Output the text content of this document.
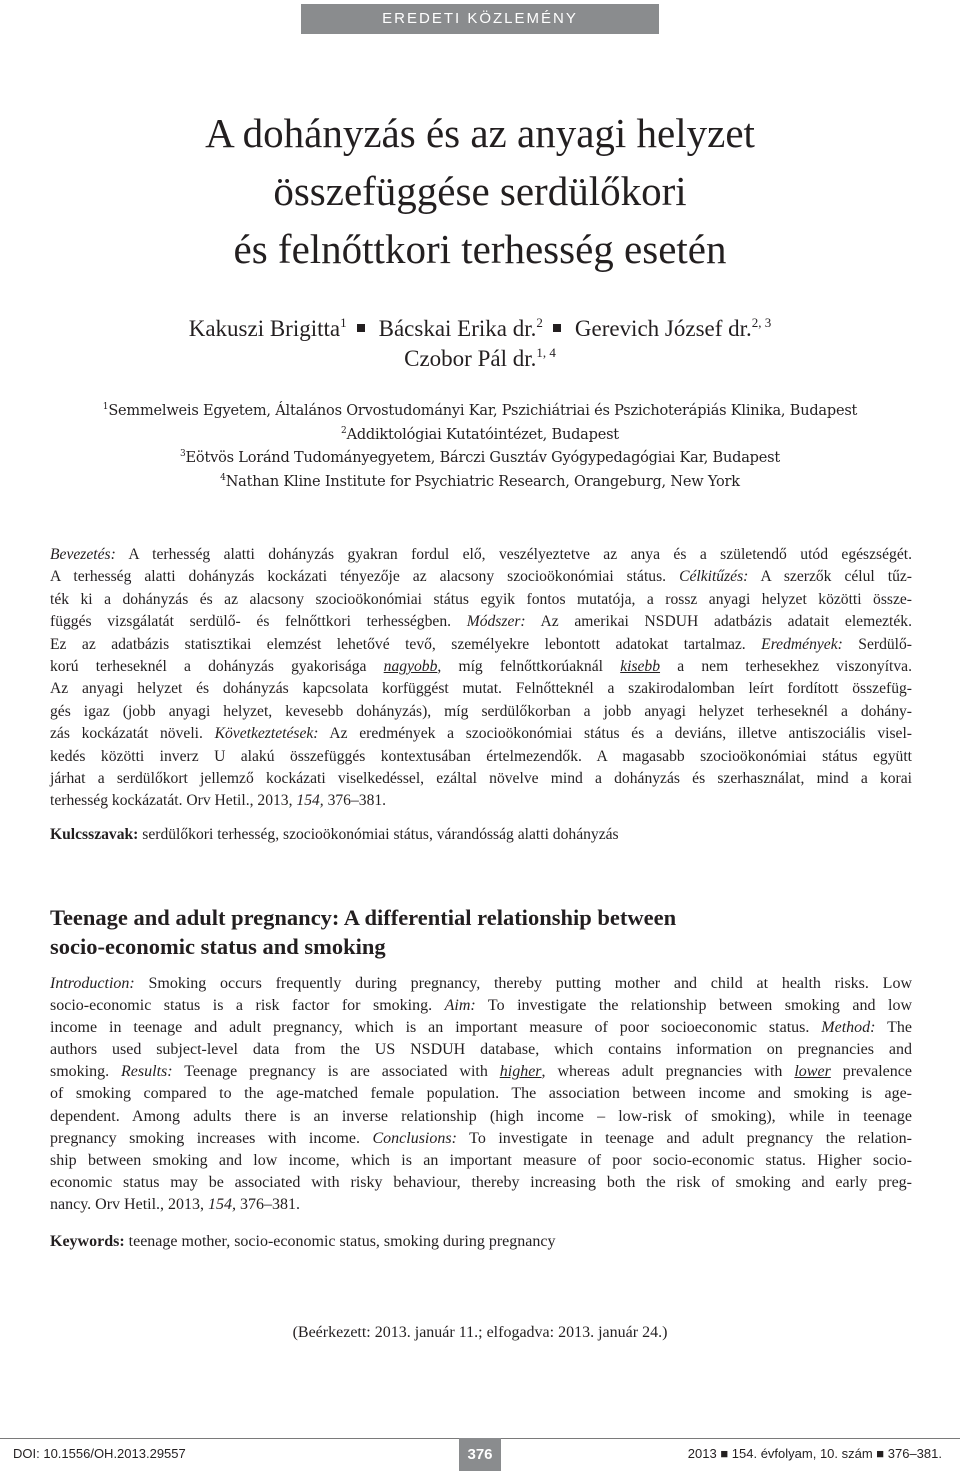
EREDETI KÖZLEMÉNY
A dohányzás és az anyagi helyzet
összefüggése serdülőkori
és felnőttkori terhesség esetén
Kakuszi Brigitta$^1$ Bácskai Erika dr.$^2$ Gerevich József dr.$^{2, 3}$
Czobor Pál dr.$^{1, 4}$
$^1$Semmelweis Egyetem, Általános Orvostudományi Kar, Pszichiátriai és Pszichoterápiás Klinika, Budapest
$^2$Addiktológiai Kutatóintézet, Budapest
$^3$Eötvös Loránd Tudományegyetem, Bárczi Gusztáv Gyógypedagógiai Kar, Budapest
$^4$Nathan Kline Institute for Psychiatric Research, Orangeburg, New York
Bevezetés: A terhesség alatti dohányzás gyakran fordul elő, veszélyeztetve az anya és a születendő utód egészségét.
A terhesség alatti dohányzás kockázati tényezője az alacsony szocioökonómiai státus. Célkitűzés: A szerzők célul tűz-
ték ki a dohányzás és az alacsony szocioökonómiai státus egyik fontos mutatója, a rossz anyagi helyzet közötti össze-
függés vizsgálatát serdülő- és felnőttkori terhességben. Módszer: Az amerikai NSDUH adatbázis adatait elemezték.
Ez az adatbázis statisztikai elemzést lehetővé tevő, személyekre lebontott adatokat tartalmaz. Eredmények: Serdülő-
korú terheseknél a dohányzás gyakorisága nagyobb, míg felnőttkorúaknál kisebb a nem terhesekhez viszonyítva.
Az anyagi helyzet és dohányzás kapcsolata korfüggést mutat. Felnőtteknél a szakirodalomban leírt fordított összefüg-
gés igaz (jobb anyagi helyzet, kevesebb dohányzás), míg serdülőkorban a jobb anyagi helyzet terheseknél a dohány-
zás kockázatát növeli. Következtetések: Az eredmények a szocioökonómiai státus és a deviáns, illetve antiszociális visel-
kedés közötti inverz U alakú összefüggés kontextusában értelmezendők. A magasabb szocioökonómiai státus együtt
járhat a serdülőkort jellemző kockázati viselkedéssel, ezáltal növelve mind a dohányzás és szerhasználat, mind a korai
terhesség kockázatát. Orv Hetil., 2013, 154, 376–381.
Kulcsszavak: serdülőkori terhesség, szocioökonómiai státus, várandósság alatti dohányzás
Teenage and adult pregnancy: A differential relationship between
socio-economic status and smoking
Introduction: Smoking occurs frequently during pregnancy, thereby putting mother and child at health risks. Low
socio-economic status is a risk factor for smoking. Aim: To investigate the relationship between smoking and low
income in teenage and adult pregnancy, which is an important measure of poor socioeconomic status. Method: The
authors used subject-level data from the US NSDUH database, which contains information on pregnancies and
smoking. Results: Teenage pregnancy is are associated with higher, whereas adult pregnancies with lower prevalence
of smoking compared to the age-matched female population. The association between income and smoking is age-
dependent. Among adults there is an inverse relationship (high income – low-risk of smoking), while in teenage
pregnancy smoking increases with income. Conclusions: To investigate in teenage and adult pregnancy the relation-
ship between smoking and low income, which is an important measure of poor socio-economic status. Higher socio-
economic status may be associated with risky behaviour, thereby increasing both the risk of smoking and early preg-
nancy. Orv Hetil., 2013, 154, 376–381.
Keywords: teenage mother, socio-economic status, smoking during pregnancy
(Beérkezett: 2013. január 11.; elfogadva: 2013. január 24.)
DOI: 10.1556/OH.2013.29557	376	2013 ■ 154. évfolyam, 10. szám ■ 376–381.
